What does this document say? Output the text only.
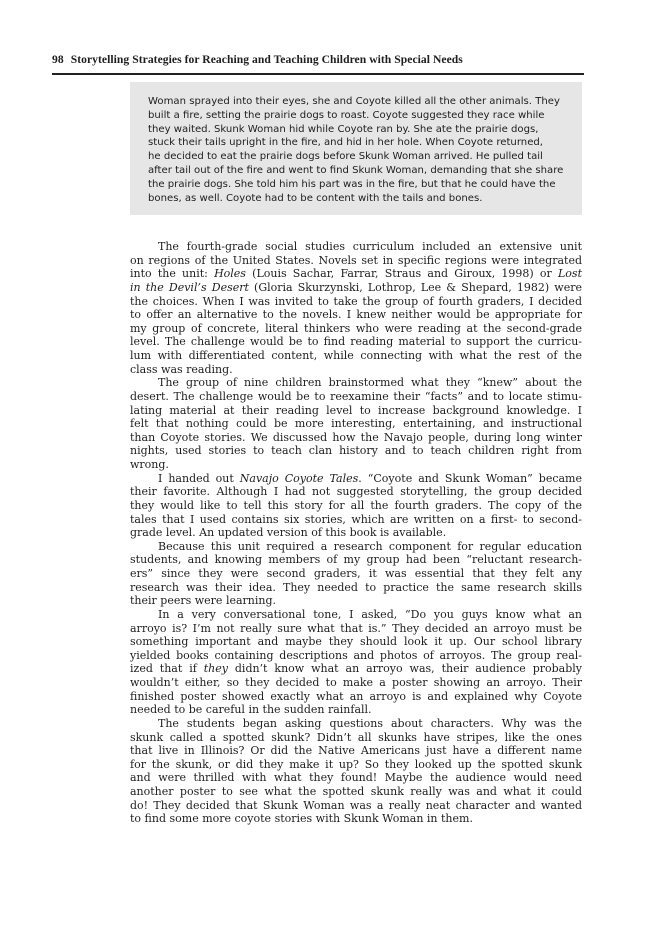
98 Storytelling Strategies for Reaching and Teaching Children with Special Needs

Woman sprayed into their eyes, she and Coyote killed all the other animals. They
built a fire, setting the prairie dogs to roast. Coyote suggested they race while
they waited. Skunk Woman hid while Coyote ran by. She ate the prairie dogs,
stuck their tails upright in the fire, and hid in her hole. When Coyote returned,
he decided to eat the prairie dogs before Skunk Woman arrived. He pulled tail
after tail out of the fire and went to find Skunk Woman, demanding that she share
the prairie dogs. She told him his part was in the fire, but that he could have the
bones, as well. Coyote had to be content with the tails and bones.

The fourth-grade social studies curriculum included an extensive unit
on regions of the United States. Novels set in specific regions were integrated
into the unit: Holes (Louis Sachar, Farrar, Straus and Giroux, 1998) or Lost
in the Devil’s Desert (Gloria Skurzynski, Lothrop, Lee & Shepard, 1982) were
the choices. When I was invited to take the group of fourth graders, I decided
to offer an alternative to the novels. I knew neither would be appropriate for
my group of concrete, literal thinkers who were reading at the second-grade
level. The challenge would be to find reading material to support the curricu-
lum with differentiated content, while connecting with what the rest of the
class was reading.
The group of nine children brainstormed what they “knew” about the
desert. The challenge would be to reexamine their “facts” and to locate stimu-
lating material at their reading level to increase background knowledge. I
felt that nothing could be more interesting, entertaining, and instructional
than Coyote stories. We discussed how the Navajo people, during long winter
nights, used stories to teach clan history and to teach children right from
wrong.
I handed out Navajo Coyote Tales. “Coyote and Skunk Woman” became
their favorite. Although I had not suggested storytelling, the group decided
they would like to tell this story for all the fourth graders. The copy of the
tales that I used contains six stories, which are written on a first- to second-
grade level. An updated version of this book is available.
Because this unit required a research component for regular education
students, and knowing members of my group had been “reluctant research-
ers” since they were second graders, it was essential that they felt any
research was their idea. They needed to practice the same research skills
their peers were learning.
In a very conversational tone, I asked, “Do you guys know what an
arroyo is? I’m not really sure what that is.” They decided an arroyo must be
something important and maybe they should look it up. Our school library
yielded books containing descriptions and photos of arroyos. The group real-
ized that if they didn’t know what an arroyo was, their audience probably
wouldn’t either, so they decided to make a poster showing an arroyo. Their
finished poster showed exactly what an arroyo is and explained why Coyote
needed to be careful in the sudden rainfall.
The students began asking questions about characters. Why was the
skunk called a spotted skunk? Didn’t all skunks have stripes, like the ones
that live in Illinois? Or did the Native Americans just have a different name
for the skunk, or did they make it up? So they looked up the spotted skunk
and were thrilled with what they found! Maybe the audience would need
another poster to see what the spotted skunk really was and what it could
do! They decided that Skunk Woman was a really neat character and wanted
to find some more coyote stories with Skunk Woman in them.
